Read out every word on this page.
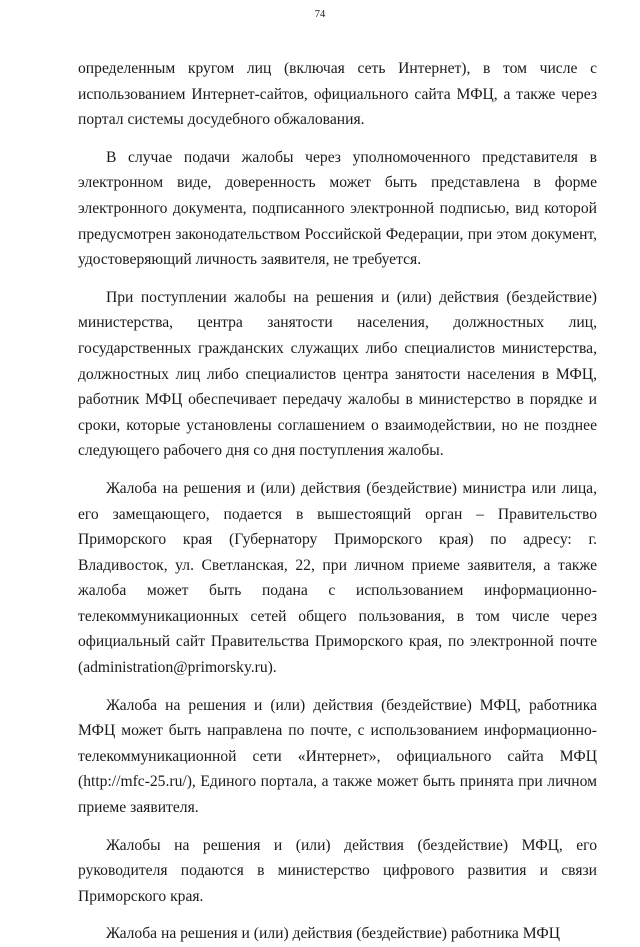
74

определенным кругом лиц (включая сеть Интернет), в том числе с использованием Интернет-сайтов, официального сайта МФЦ, а также через портал системы досудебного обжалования.

В случае подачи жалобы через уполномоченного представителя в электронном виде, доверенность может быть представлена в форме электронного документа, подписанного электронной подписью, вид которой предусмотрен законодательством Российской Федерации, при этом документ, удостоверяющий личность заявителя, не требуется.

При поступлении жалобы на решения и (или) действия (бездействие) министерства, центра занятости населения, должностных лиц, государственных гражданских служащих либо специалистов министерства, должностных лиц либо специалистов центра занятости населения в МФЦ, работник МФЦ обеспечивает передачу жалобы в министерство в порядке и сроки, которые установлены соглашением о взаимодействии, но не позднее следующего рабочего дня со дня поступления жалобы.

Жалоба на решения и (или) действия (бездействие) министра или лица, его замещающего, подается в вышестоящий орган – Правительство Приморского края (Губернатору Приморского края) по адресу: г. Владивосток, ул. Светланская, 22, при личном приеме заявителя, а также жалоба может быть подана с использованием информационно-телекоммуникационных сетей общего пользования, в том числе через официальный сайт Правительства Приморского края, по электронной почте (administration@primorsky.ru).

Жалоба на решения и (или) действия (бездействие) МФЦ, работника МФЦ может быть направлена по почте, с использованием информационно-телекоммуникационной сети «Интернет», официального сайта МФЦ (http://mfc-25.ru/), Единого портала, а также может быть принята при личном приеме заявителя.

Жалобы на решения и (или) действия (бездействие) МФЦ, его руководителя подаются в министерство цифрового развития и связи Приморского края.

Жалоба на решения и (или) действия (бездействие) работника МФЦ
